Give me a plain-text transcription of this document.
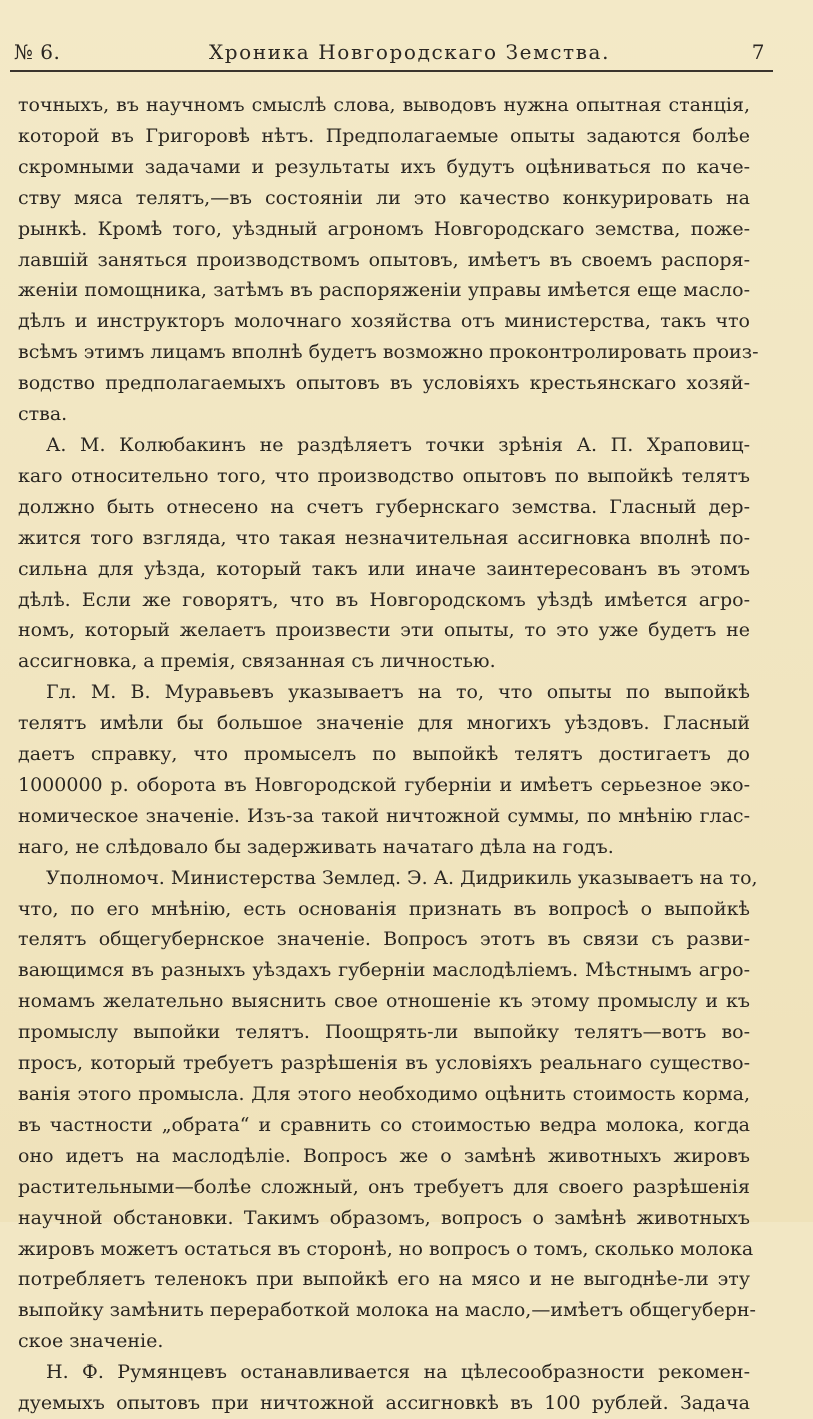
№ 6.	Хроника Новгородскаго Земства.	7
точныхъ, въ научномъ смыслѣ слова, выводовъ нужна опытная станція,
которой въ Григоровѣ нѣтъ. Предполагаемые опыты задаются болѣе
скромными задачами и результаты ихъ будутъ оцѣниваться по каче-
ству мяса телятъ,—въ состояніи ли это качество конкурировать на
рынкѣ. Кромѣ того, уѣздный агрономъ Новгородскаго земства, поже-
лавшій заняться производствомъ опытовъ, имѣетъ въ своемъ распоря-
женіи помощника, затѣмъ въ распоряженіи управы имѣется еще масло-
дѣлъ и инструкторъ молочнаго хозяйства отъ министерства, такъ что
всѣмъ этимъ лицамъ вполнѣ будетъ возможно проконтролировать произ-
водство предполагаемыхъ опытовъ въ условіяхъ крестьянскаго хозяй-
ства.
А. М. Колюбакинъ не раздѣляетъ точки зрѣнія А. П. Храповиц-
каго относительно того, что производство опытовъ по выпойкѣ телятъ
должно быть отнесено на счетъ губернскаго земства. Гласный дер-
жится того взгляда, что такая незначительная ассигновка вполнѣ по-
сильна для уѣзда, который такъ или иначе заинтересованъ въ этомъ
дѣлѣ. Если же говорятъ, что въ Новгородскомъ уѣздѣ имѣется агро-
номъ, который желаетъ произвести эти опыты, то это уже будетъ не
ассигновка, а премія, связанная съ личностью.
Гл. М. В. Муравьевъ указываетъ на то, что опыты по выпойкѣ
телятъ имѣли бы большое значеніе для многихъ уѣздовъ. Гласный
даетъ справку, что промыселъ по выпойкѣ телятъ достигаетъ до
1000000 р. оборота въ Новгородской губерніи и имѣетъ серьезное эко-
номическое значеніе. Изъ-за такой ничтожной суммы, по мнѣнію глас-
наго, не слѣдовало бы задерживать начатаго дѣла на годъ.
Уполномоч. Министерства Землед. Э. А. Дидрикиль указываетъ на то,
что, по его мнѣнію, есть основанія признать въ вопросѣ о выпойкѣ
телятъ общегубернское значеніе. Вопросъ этотъ въ связи съ разви-
вающимся въ разныхъ уѣздахъ губерніи маслодѣліемъ. Мѣстнымъ агро-
номамъ желательно выяснить свое отношеніе къ этому промыслу и къ
промыслу выпойки телятъ. Поощрять-ли выпойку телятъ—вотъ во-
просъ, который требуетъ разрѣшенія въ условіяхъ реальнаго существо-
ванія этого промысла. Для этого необходимо оцѣнить стоимость корма,
въ частности „обрата“ и сравнить со стоимостью ведра молока, когда
оно идетъ на маслодѣліе. Вопросъ же о замѣнѣ животныхъ жировъ
растительными—болѣе сложный, онъ требуетъ для своего разрѣшенія
научной обстановки. Такимъ образомъ, вопросъ о замѣнѣ животныхъ
жировъ можетъ остаться въ сторонѣ, но вопросъ о томъ, сколько молока
потребляетъ теленокъ при выпойкѣ его на мясо и не выгоднѣе-ли эту
выпойку замѣнить переработкой молока на масло,—имѣетъ общегуберн-
ское значеніе.
Н. Ф. Румянцевъ останавливается на цѣлесообразности рекомен-
дуемыхъ опытовъ при ничтожной ассигновкѣ въ 100 рублей. Задача
